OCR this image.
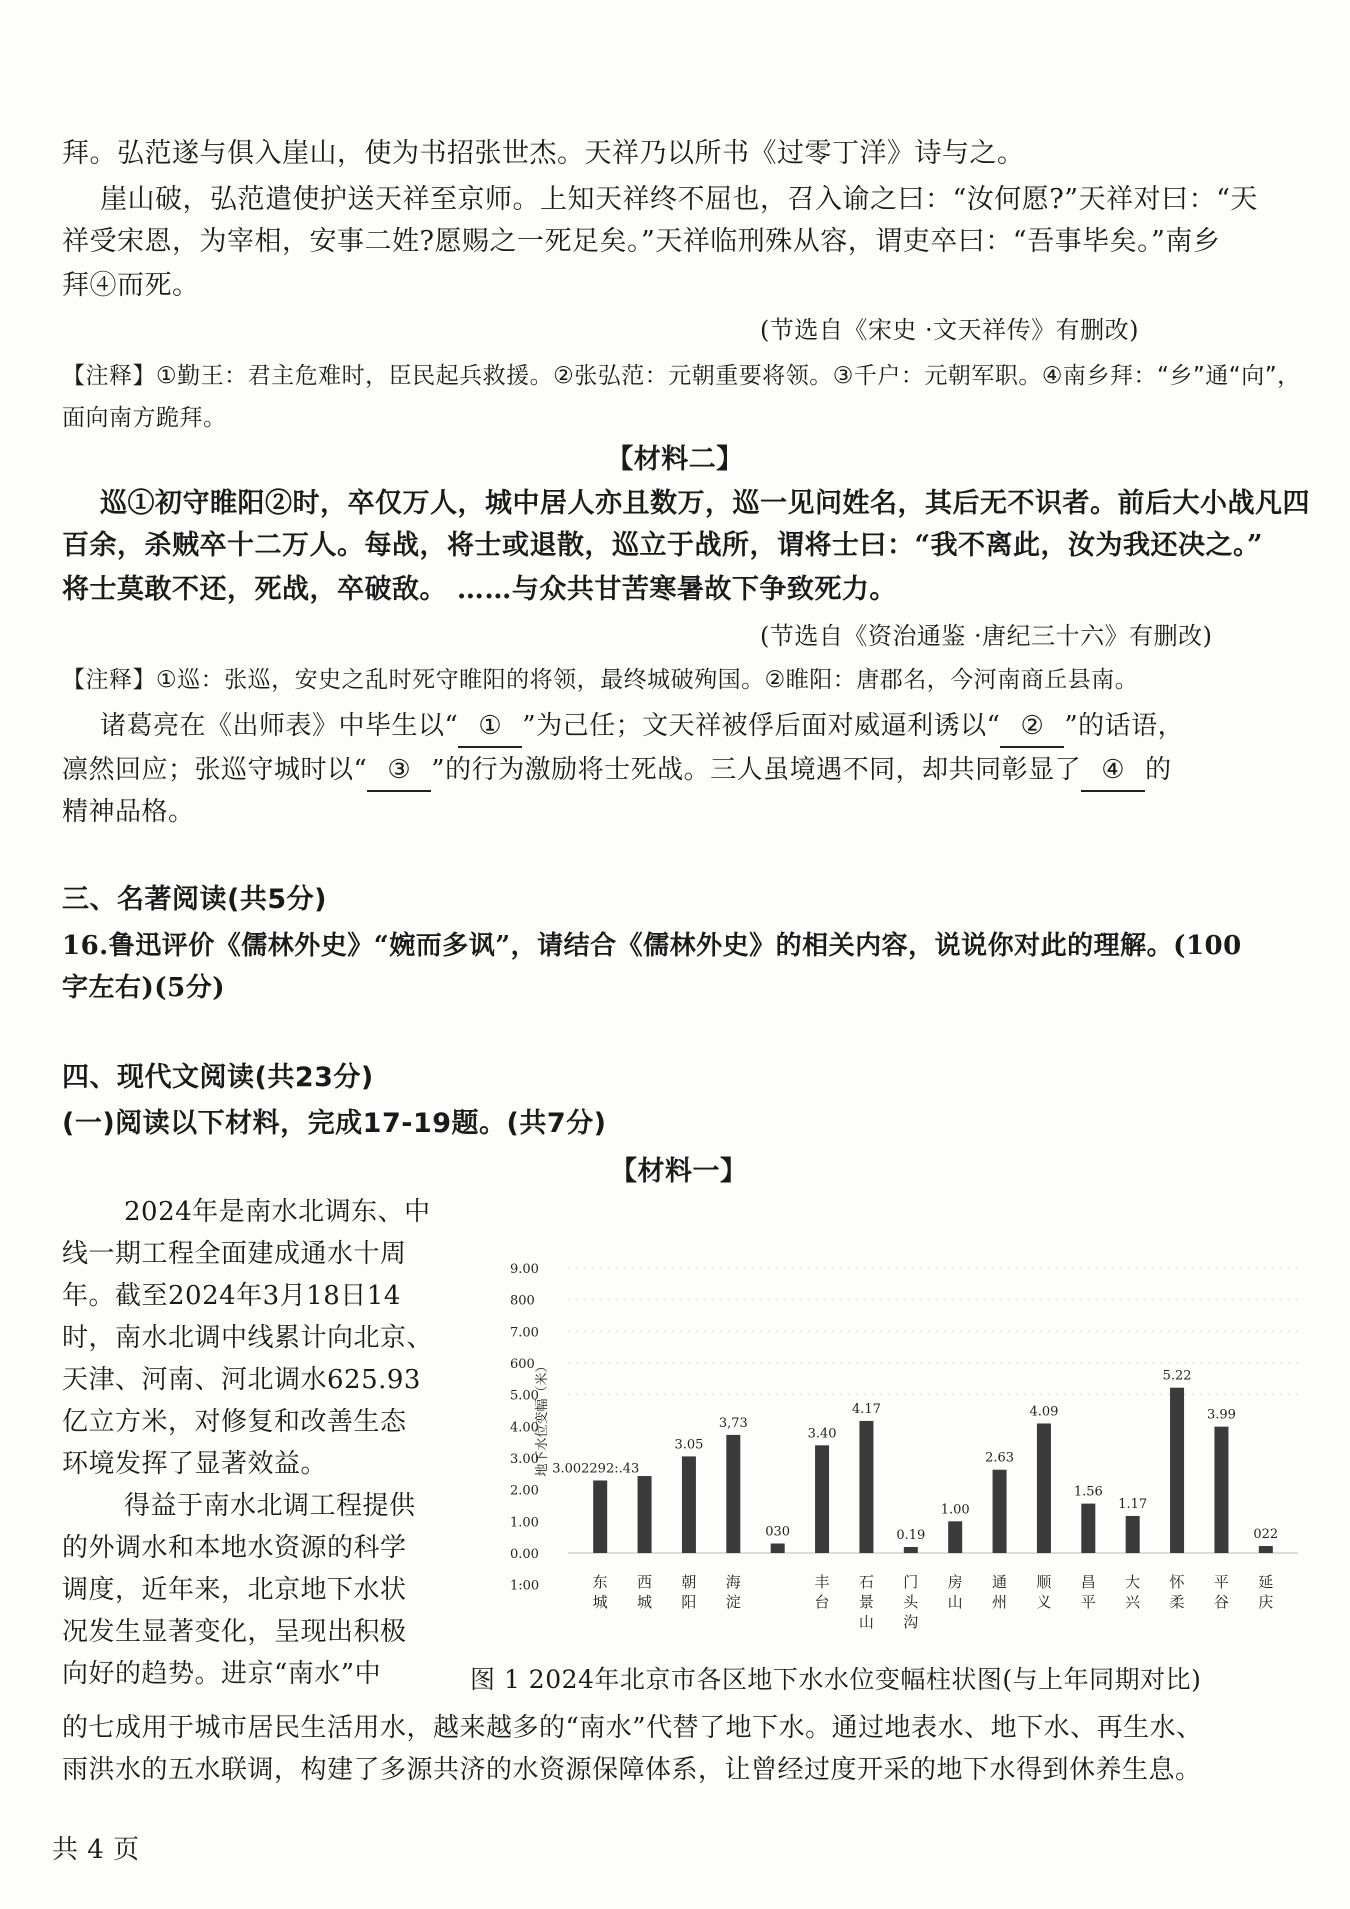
拜。弘范遂与俱入崖山，使为书招张世杰。天祥乃以所书《过零丁洋》诗与之。
崖山破，弘范遣使护送天祥至京师。上知天祥终不屈也，召入谕之曰：“汝何愿?”天祥对曰：“天
祥受宋恩，为宰相，安事二姓?愿赐之一死足矣。”天祥临刑殊从容，谓吏卒曰：“吾事毕矣。”南乡
拜④而死。
(节选自《宋史 ·文天祥传》有删改)
【注释】①勤王：君主危难时，臣民起兵救援。②张弘范：元朝重要将领。③千户：元朝军职。④南乡拜：“乡”通“向”，
面向南方跪拜。
【材料二】
巡①初守睢阳②时，卒仅万人，城中居人亦且数万，巡一见问姓名，其后无不识者。前后大小战凡四
百余，杀贼卒十二万人。每战，将士或退散，巡立于战所，谓将士曰：“我不离此，汝为我还决之。”
将士莫敢不还，死战，卒破敌。 ……与众共甘苦寒暑故下争致死力。
(节选自《资治通鉴 ·唐纪三十六》有删改)
【注释】①巡：张巡，安史之乱时死守睢阳的将领，最终城破殉国。②睢阳：唐郡名，今河南商丘县南。
诸葛亮在《出师表》中毕生以“ ① ”为己任；文天祥被俘后面对威逼利诱以“ ② ”的话语，
凛然回应；张巡守城时以“ ③ ”的行为激励将士死战。三人虽境遇不同，却共同彰显了 ④ 的
精神品格。
三、名著阅读(共5分)
16.鲁迅评价《儒林外史》“婉而多讽”，请结合《儒林外史》的相关内容，说说你对此的理解。(100
字左右)(5分)
四、现代文阅读(共23分)
(一)阅读以下材料，完成17-19题。(共7分)
【材料一】
2024年是南水北调东、中
线一期工程全面建成通水十周
年。截至2024年3月18日14
时，南水北调中线累计向北京、
天津、河南、河北调水625.93
亿立方米，对修复和改善生态
环境发挥了显著效益。
得益于南水北调工程提供
的外调水和本地水资源的科学
调度，近年来，北京地下水状
况发生显著变化，呈现出积极
向好的趋势。进京“南水”中
9.00
800
7.00
600
5.00
4.00
3.00
2.00
1.00
0.00
1:00
地下水位变幅（米） 3.002292:.43
3.05
3,73
030
3.40
4.17
0.19
1.00
2.63
4.09
1.56
1.17
5.22
3.99
022
东
城
西
城
朝
阳
海
淀
丰
台
石
景
山
门
头
沟
房
山
通
州
顺
义
昌
平
大
兴
怀
柔
平
谷
延
庆
图 1 2024年北京市各区地下水水位变幅柱状图(与上年同期对比)
的七成用于城市居民生活用水，越来越多的“南水”代替了地下水。通过地表水、地下水、再生水、
雨洪水的五水联调，构建了多源共济的水资源保障体系，让曾经过度开采的地下水得到休养生息。
共 4 页
